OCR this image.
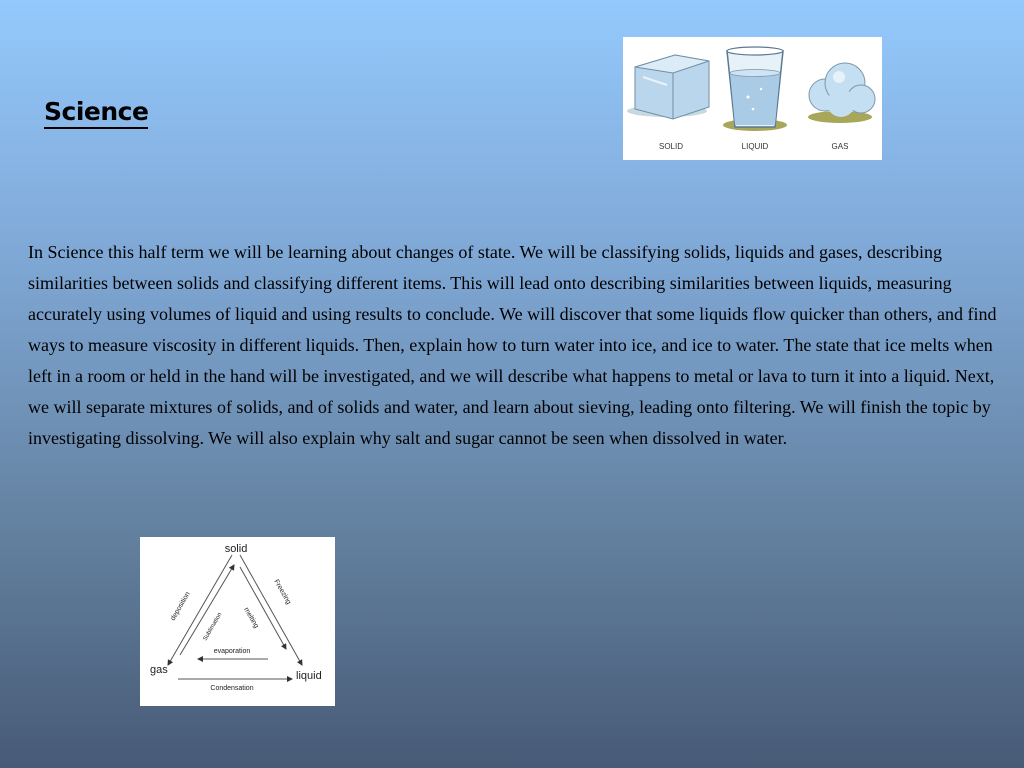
Science
SOLID	LIQUID	GAS
In Science this half term we will be learning about changes of state. We will be classifying solids, liquids and gases, describing similarities between solids and classifying different items. This will lead onto describing similarities between liquids, measuring accurately using volumes of liquid and using results to conclude. We will discover that some liquids flow quicker than others, and find ways to measure viscosity in different liquids. Then, explain how to turn water into ice, and ice to water. The state that ice melts when left in a room or held in the hand will be investigated, and we will describe what happens to metal or lava to turn it into a liquid. Next, we will separate mixtures of solids, and of solids and water, and learn about sieving, leading onto filtering. We will finish the topic by investigating dissolving. We will also explain why salt and sugar cannot be seen when dissolved in water.
solid
gas	liquid
Freezing
melting
deposition
Sublimation
evaporation
Condensation
